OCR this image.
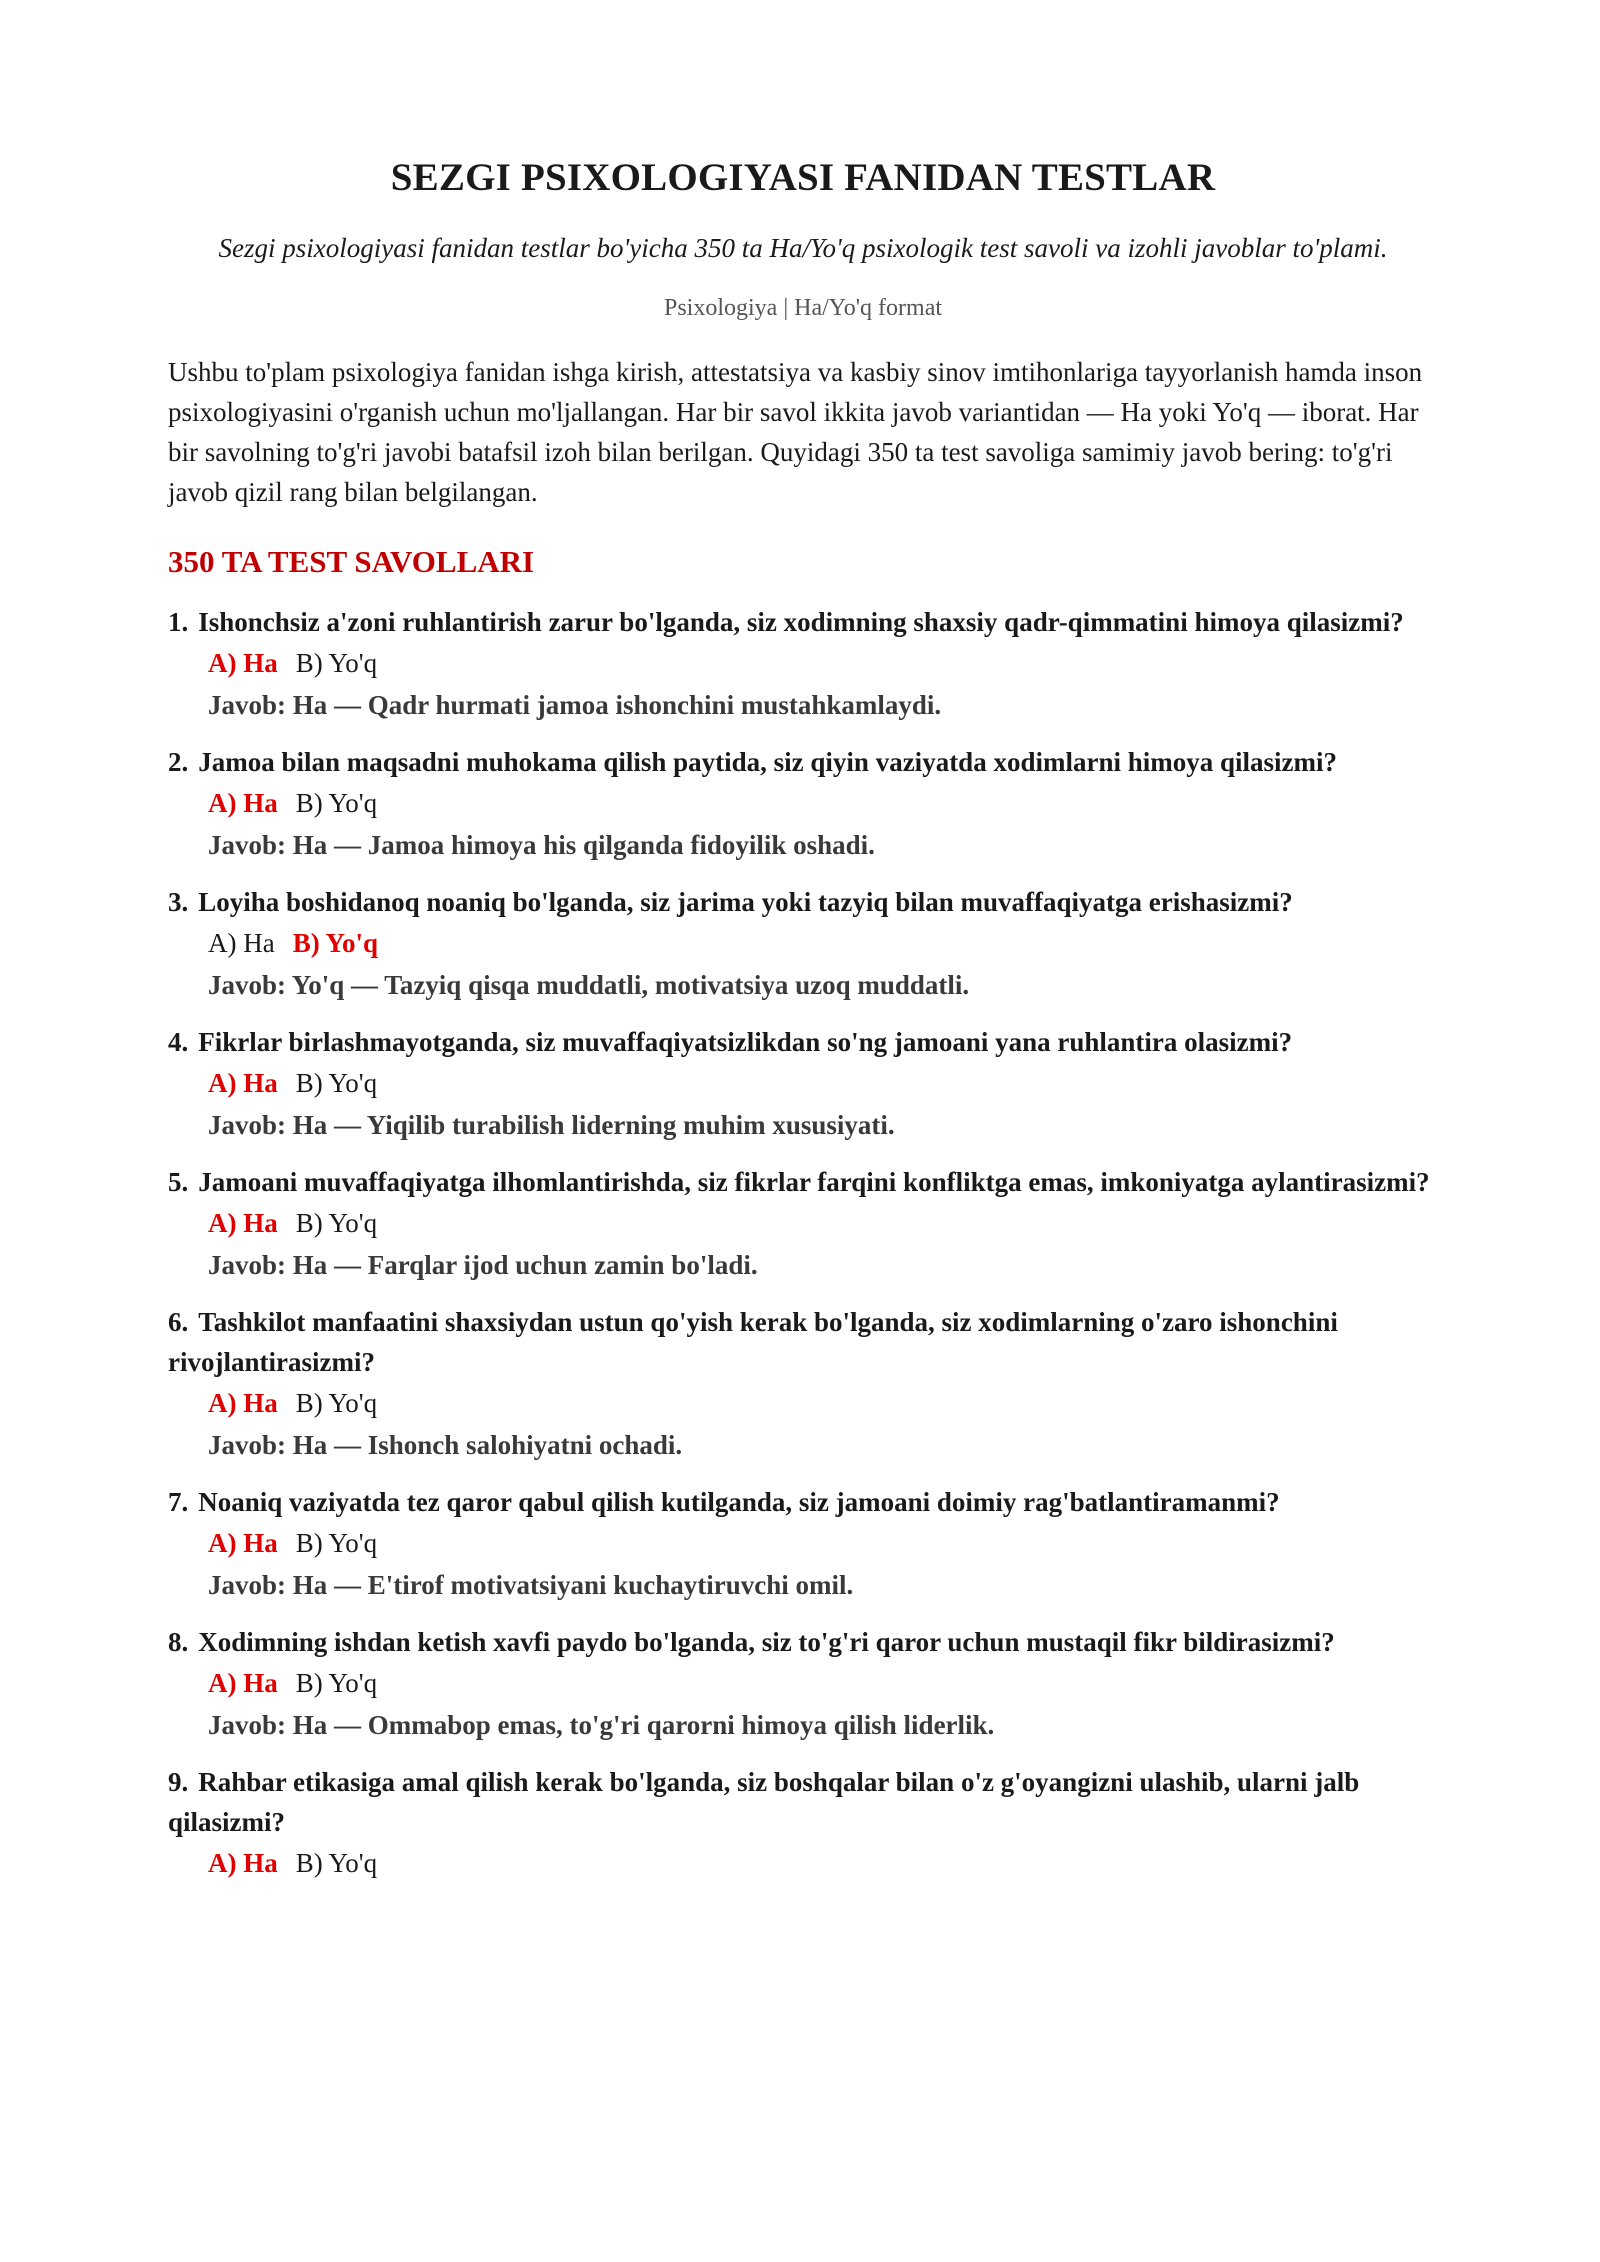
SEZGI PSIXOLOGIYASI FANIDAN TESTLAR
Sezgi psixologiyasi fanidan testlar bo'yicha 350 ta Ha/Yo'q psixologik test savoli va izohli javoblar to'plami.
Psixologiya | Ha/Yo'q format
Ushbu to'plam psixologiya fanidan ishga kirish, attestatsiya va kasbiy sinov imtihonlariga tayyorlanish hamda inson psixologiyasini o'rganish uchun mo'ljallangan. Har bir savol ikkita javob variantidan — Ha yoki Yo'q — iborat. Har bir savolning to'g'ri javobi batafsil izoh bilan berilgan. Quyidagi 350 ta test savoliga samimiy javob bering: to'g'ri javob qizil rang bilan belgilangan.
350 TA TEST SAVOLLARI
1. Ishonchsiz a'zoni ruhlantirish zarur bo'lganda, siz xodimning shaxsiy qadr-qimmatini himoya qilasizmi?
A) Ha B) Yo'q
Javob: Ha — Qadr hurmati jamoa ishonchini mustahkamlaydi.
2. Jamoa bilan maqsadni muhokama qilish paytida, siz qiyin vaziyatda xodimlarni himoya qilasizmi?
A) Ha B) Yo'q
Javob: Ha — Jamoa himoya his qilganda fidoyilik oshadi.
3. Loyiha boshidanoq noaniq bo'lganda, siz jarima yoki tazyiq bilan muvaffaqiyatga erishasizmi?
A) Ha B) Yo'q
Javob: Yo'q — Tazyiq qisqa muddatli, motivatsiya uzoq muddatli.
4. Fikrlar birlashmayotganda, siz muvaffaqiyatsizlikdan so'ng jamoani yana ruhlantira olasizmi?
A) Ha B) Yo'q
Javob: Ha — Yiqilib turabilish liderning muhim xususiyati.
5. Jamoani muvaffaqiyatga ilhomlantirishda, siz fikrlar farqini konfliktga emas, imkoniyatga aylantirasizmi?
A) Ha B) Yo'q
Javob: Ha — Farqlar ijod uchun zamin bo'ladi.
6. Tashkilot manfaatini shaxsiydan ustun qo'yish kerak bo'lganda, siz xodimlarning o'zaro ishonchini rivojlantirasizmi?
A) Ha B) Yo'q
Javob: Ha — Ishonch salohiyatni ochadi.
7. Noaniq vaziyatda tez qaror qabul qilish kutilganda, siz jamoani doimiy rag'batlantiramanmi?
A) Ha B) Yo'q
Javob: Ha — E'tirof motivatsiyani kuchaytiruvchi omil.
8. Xodimning ishdan ketish xavfi paydo bo'lganda, siz to'g'ri qaror uchun mustaqil fikr bildirasizmi?
A) Ha B) Yo'q
Javob: Ha — Ommabop emas, to'g'ri qarorni himoya qilish liderlik.
9. Rahbar etikasiga amal qilish kerak bo'lganda, siz boshqalar bilan o'z g'oyangizni ulashib, ularni jalb qilasizmi?
A) Ha B) Yo'q
